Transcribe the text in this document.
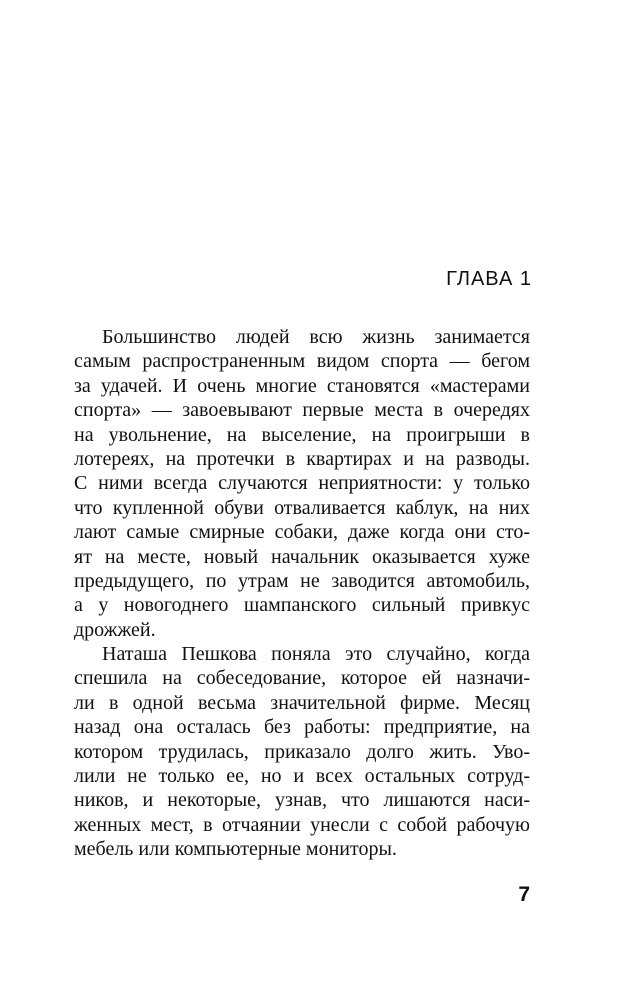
ГЛАВА 1
Большинство людей всю жизнь занимается
самым распространенным видом спорта — бегом
за удачей. И очень многие становятся «мастерами
спорта» — завоевывают первые места в очередях
на увольнение, на выселение, на проигрыши в
лотереях, на протечки в квартирах и на разводы.
С ними всегда случаются неприятности: у только
что купленной обуви отваливается каблук, на них
лают самые смирные собаки, даже когда они сто-
ят на месте, новый начальник оказывается хуже
предыдущего, по утрам не заводится автомобиль,
а у новогоднего шампанского сильный привкус
дрожжей.
Наташа Пешкова поняла это случайно, когда
спешила на собеседование, которое ей назначи-
ли в одной весьма значительной фирме. Месяц
назад она осталась без работы: предприятие, на
котором трудилась, приказало долго жить. Уво-
лили не только ее, но и всех остальных сотруд-
ников, и некоторые, узнав, что лишаются наси-
женных мест, в отчаянии унесли с собой рабочую
мебель или компьютерные мониторы.
7
